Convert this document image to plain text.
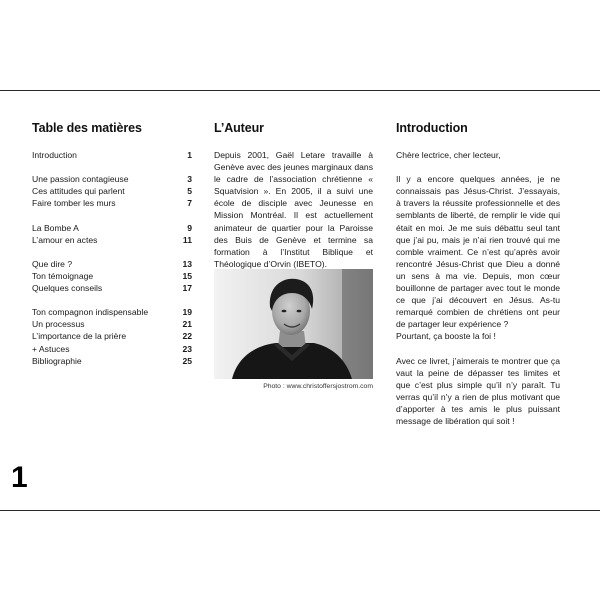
Table des matières
Introduction	1
Une passion contagieuse	3
Ces attitudes qui parlent	5
Faire tomber les murs	7
La Bombe A	9
L’amour en actes	11
Que dire ?	13
Ton témoignage	15
Quelques conseils	17
Ton compagnon indispensable	19
Un processus	21
L’importance de la prière	22
+ Astuces	23
Bibliographie	25
L’Auteur
Depuis 2001, Gaël Letare travaille à Genève avec des jeunes marginaux dans le cadre de l’association chrétienne « Squatvision ». En 2005, il a suivi une école de disciple avec Jeunesse en Mission Montréal. Il est actuellement animateur de quartier pour la Paroisse des Buis de Genève et termine sa formation à l’Institut Biblique et Théologique d’Orvin (IBETO).
Photo : www.christoffersjostrom.com
Introduction

Chère lectrice, cher lecteur,

Il y a encore quelques années, je ne connaissais pas Jésus-Christ. J’essayais, à travers la réussite professionnelle et des semblants de liberté, de remplir le vide qui était en moi. Je me suis débattu seul tant que j’ai pu, mais je n’ai rien trouvé qui me comble vraiment. Ce n’est qu’après avoir rencontré Jésus-Christ que Dieu a donné un sens à ma vie. Depuis, mon cœur bouillonne de partager avec tout le monde ce que j’ai découvert en Jésus. As-tu remarqué combien de chrétiens ont peur de partager leur expérience ?

Pourtant, ça booste la foi !

Avec ce livret, j’aimerais te montrer que ça vaut la peine de dépasser tes limites et que c’est plus simple qu’il n’y paraît. Tu verras qu’il n’y a rien de plus motivant que d’apporter à tes amis le plus puissant message de libération qui soit !

1
